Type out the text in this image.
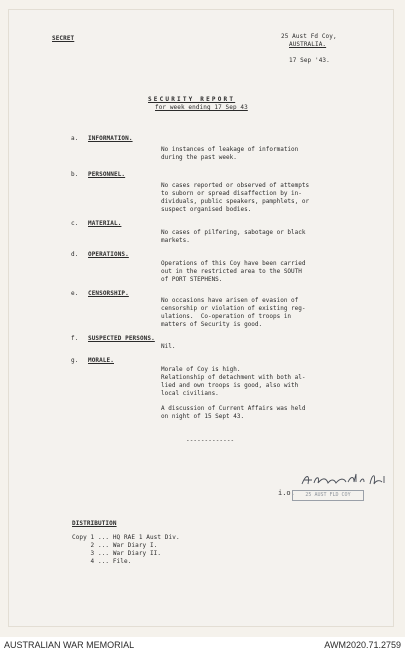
SECRET	25 Aust Fd Coy,
AUSTRALIA.
17 Sep '43.
SECURITY REPORT
for week ending 17 Sep 43
a. INFORMATION.
No instances of leakage of information
during the past week.
b. PERSONNEL.
No cases reported or observed of attempts
to suborn or spread disaffection by in-
dividuals, public speakers, pamphlets, or
suspect organised bodies.
c. MATERIAL.
No cases of pilfering, sabotage or black
markets.
d. OPERATIONS.
Operations of this Coy have been carried
out in the restricted area to the SOUTH
of PORT STEPHENS.
e. CENSORSHIP.
No occasions have arisen of evasion of
censorship or violation of existing reg-
ulations.  Co-operation of troops in
matters of Security is good.
f. SUSPECTED PERSONS.
Nil.
g. MORALE.
Morale of Coy is high.
Relationship of detachment with both al-
lied and own troops is good, also with
local civilians.
A discussion of Current Affairs was held
on night of 15 Sept 43.
-------------
i.o.	25 AUST FLD COY
DISTRIBUTION
Copy 1 ... HQ RAE 1 Aust Div.
2 ... War Diary I.
3 ... War Diary II.
4 ... File.
AUSTRALIAN WAR MEMORIAL	AWM2020.71.2759
